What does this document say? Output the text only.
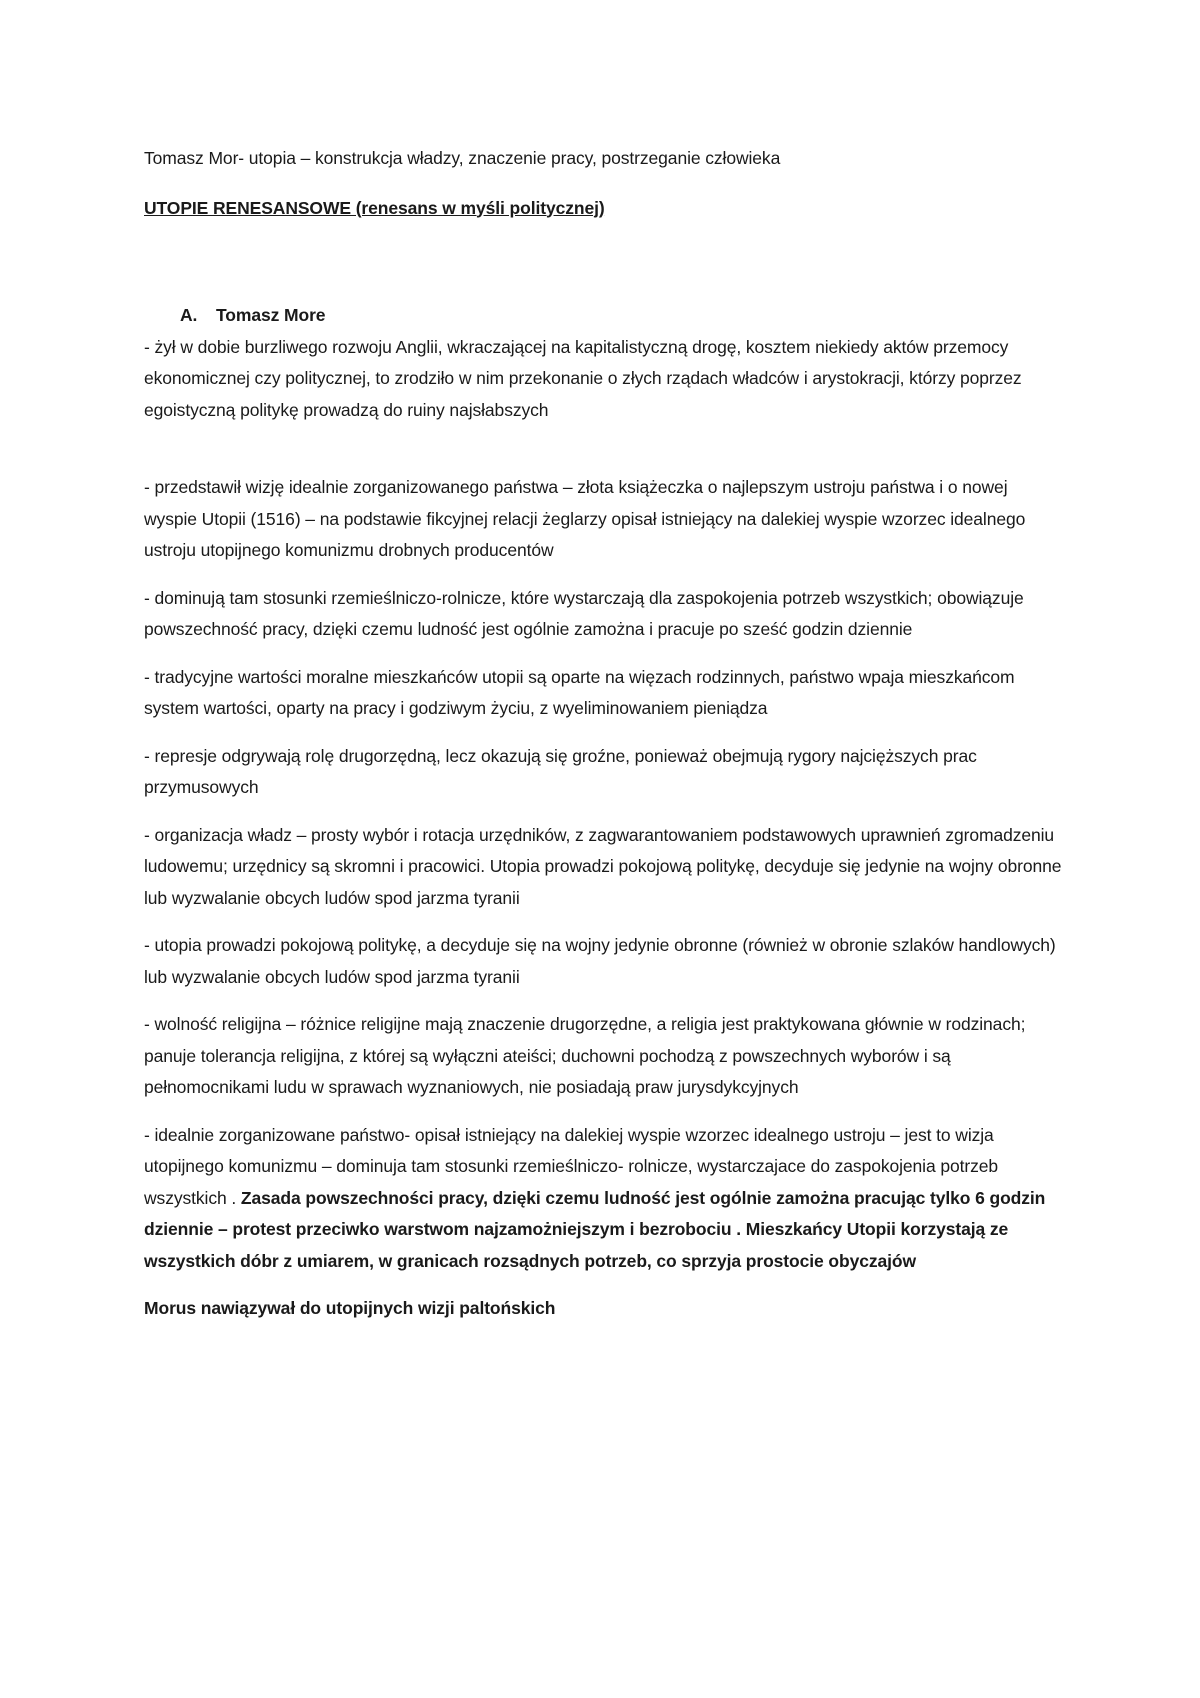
Tomasz Mor- utopia – konstrukcja władzy, znaczenie pracy, postrzeganie człowieka

UTOPIE RENESANSOWE (renesans w myśli politycznej)

A. Tomasz More

- żył w dobie burzliwego rozwoju Anglii, wkraczającej na kapitalistyczną drogę, kosztem niekiedy aktów przemocy ekonomicznej czy politycznej, to zrodziło w nim przekonanie o złych rządach władców i arystokracji, którzy poprzez egoistyczną politykę prowadzą do ruiny najsłabszych

- przedstawił wizję idealnie zorganizowanego państwa – złota książeczka o najlepszym ustroju państwa i o nowej wyspie Utopii (1516) – na podstawie fikcyjnej relacji żeglarzy opisał istniejący na dalekiej wyspie wzorzec idealnego ustroju utopijnego komunizmu drobnych producentów

- dominują tam stosunki rzemieślniczo-rolnicze, które wystarczają dla zaspokojenia potrzeb wszystkich; obowiązuje powszechność pracy, dzięki czemu ludność jest ogólnie zamożna i pracuje po sześć godzin dziennie

- tradycyjne wartości moralne mieszkańców utopii są oparte na więzach rodzinnych, państwo wpaja mieszkańcom system wartości, oparty na pracy i godziwym życiu, z wyeliminowaniem pieniądza

- represje odgrywają rolę drugorzędną, lecz okazują się groźne, ponieważ obejmują rygory najcięższych prac przymusowych

- organizacja władz – prosty wybór i rotacja urzędników, z zagwarantowaniem podstawowych uprawnień zgromadzeniu ludowemu; urzędnicy są skromni i pracowici. Utopia prowadzi pokojową politykę, decyduje się jedynie na wojny obronne lub wyzwalanie obcych ludów spod jarzma tyranii

- utopia prowadzi pokojową politykę, a decyduje się na wojny jedynie obronne (również w obronie szlaków handlowych) lub wyzwalanie obcych ludów spod jarzma tyranii

- wolność religijna – różnice religijne mają znaczenie drugorzędne, a religia jest praktykowana głównie w rodzinach; panuje tolerancja religijna, z której są wyłączni ateiści; duchowni pochodzą z powszechnych wyborów i są pełnomocnikami ludu w sprawach wyznaniowych, nie posiadają praw jurysdykcyjnych

- idealnie zorganizowane państwo- opisał istniejący na dalekiej wyspie wzorzec idealnego ustroju – jest to wizja utopijnego komunizmu – dominuja tam stosunki rzemieślniczo- rolnicze, wystarczajace do zaspokojenia potrzeb wszystkich . Zasada powszechności pracy, dzięki czemu ludność jest ogólnie zamożna pracując tylko 6 godzin dziennie – protest przeciwko warstwom najzamożniejszym i bezrobociu . Mieszkańcy Utopii korzystają ze wszystkich dóbr z umiarem, w granicach rozsądnych potrzeb, co sprzyja prostocie obyczajów

Morus nawiązywał do utopijnych wizji paltońskich
